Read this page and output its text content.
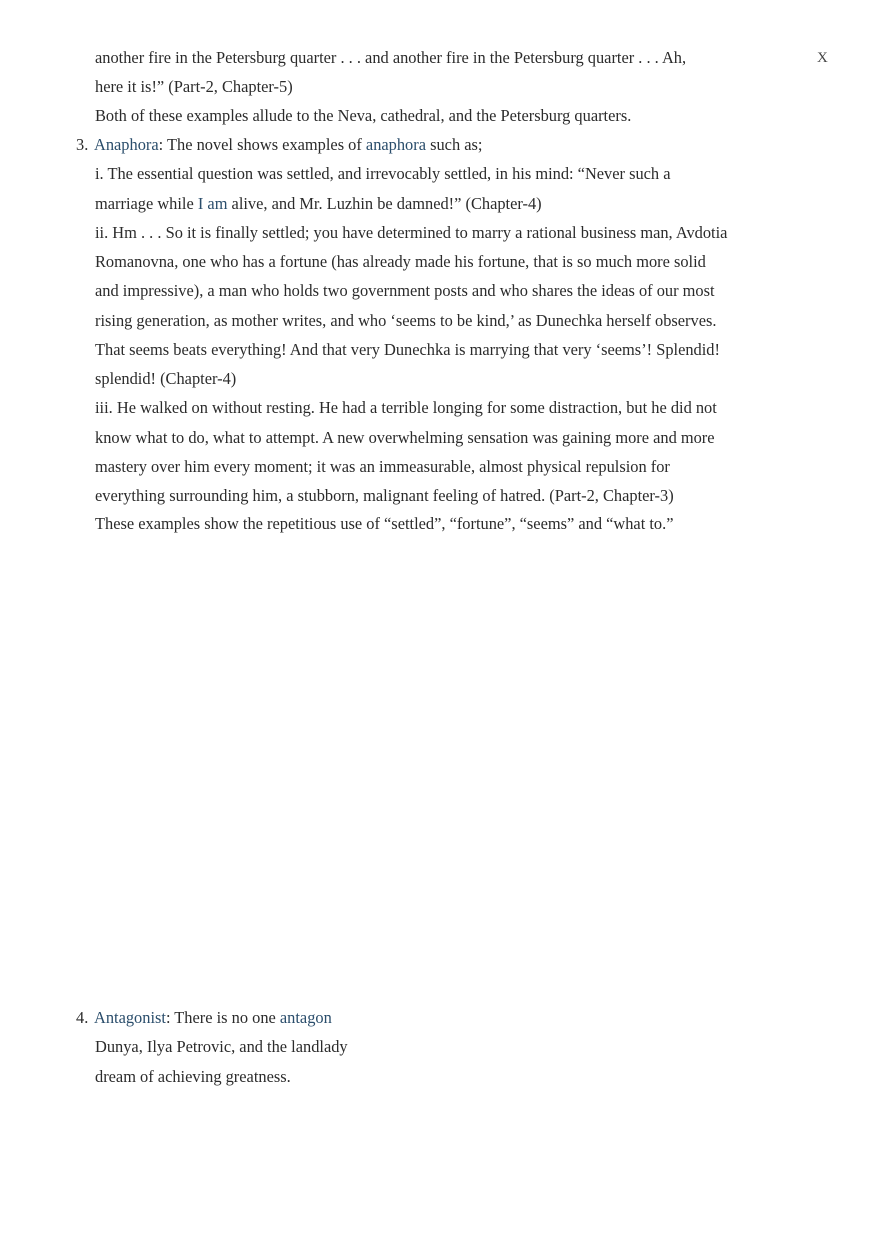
X

another fire in the Petersburg quarter . . . and another fire in the Petersburg quarter . . . Ah,

here it is!” (Part-2, Chapter-5)

Both of these examples allude to the Neva, cathedral, and the Petersburg quarters.

3. Anaphora: The novel shows examples of anaphora such as;

i. The essential question was settled, and irrevocably settled, in his mind: “Never such a

marriage while I am alive, and Mr. Luzhin be damned!” (Chapter-4)

ii. Hm . . . So it is finally settled; you have determined to marry a rational business man, Avdotia

Romanovna, one who has a fortune (has already made his fortune, that is so much more solid

and impressive), a man who holds two government posts and who shares the ideas of our most

rising generation, as mother writes, and who ‘seems to be kind,’ as Dunechka herself observes.

That seems beats everything! And that very Dunechka is marrying that very ‘seems’! Splendid!

splendid! (Chapter-4)

iii. He walked on without resting. He had a terrible longing for some distraction, but he did not

know what to do, what to attempt. A new overwhelming sensation was gaining more and more

mastery over him every moment; it was an immeasurable, almost physical repulsion for

everything surrounding him, a stubborn, malignant feeling of hatred. (Part-2, Chapter-3)

These examples show the repetitious use of “settled”, “fortune”, “seems” and “what to.”

4. Antagonist: There is no one antagon

Dunya, Ilya Petrovic, and the landlady

dream of achieving greatness.
